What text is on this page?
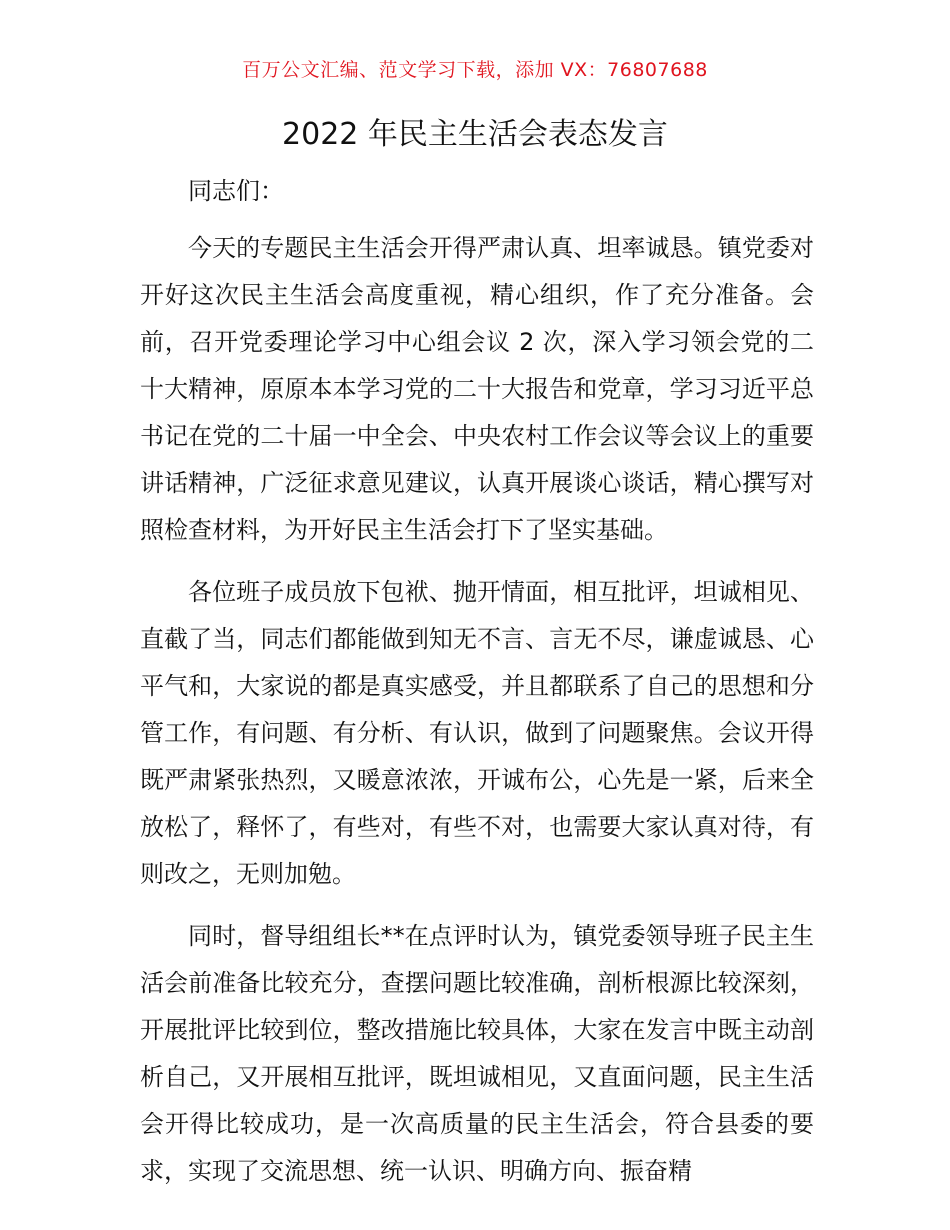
百万公文汇编、范文学习下载，添加 VX：76807688
2022 年民主生活会表态发言

同志们：

今天的专题民主生活会开得严肃认真、坦率诚恳。镇党委对开好这次民主生活会高度重视，精心组织，作了充分准备。会前，召开党委理论学习中心组会议 2 次，深入学习领会党的二十大精神，原原本本学习党的二十大报告和党章，学习习近平总书记在党的二十届一中全会、中央农村工作会议等会议上的重要讲话精神，广泛征求意见建议，认真开展谈心谈话，精心撰写对照检查材料，为开好民主生活会打下了坚实基础。

各位班子成员放下包袱、抛开情面，相互批评，坦诚相见、直截了当，同志们都能做到知无不言、言无不尽，谦虚诚恳、心平气和，大家说的都是真实感受，并且都联系了自己的思想和分管工作，有问题、有分析、有认识，做到了问题聚焦。会议开得既严肃紧张热烈，又暖意浓浓，开诚布公，心先是一紧，后来全放松了，释怀了，有些对，有些不对，也需要大家认真对待，有则改之，无则加勉。

同时，督导组组长**在点评时认为，镇党委领导班子民主生活会前准备比较充分，查摆问题比较准确，剖析根源比较深刻，开展批评比较到位，整改措施比较具体，大家在发言中既主动剖析自己，又开展相互批评，既坦诚相见，又直面问题，民主生活会开得比较成功，是一次高质量的民主生活会，符合县委的要求，实现了交流思想、统一认识、明确方向、振奋精
